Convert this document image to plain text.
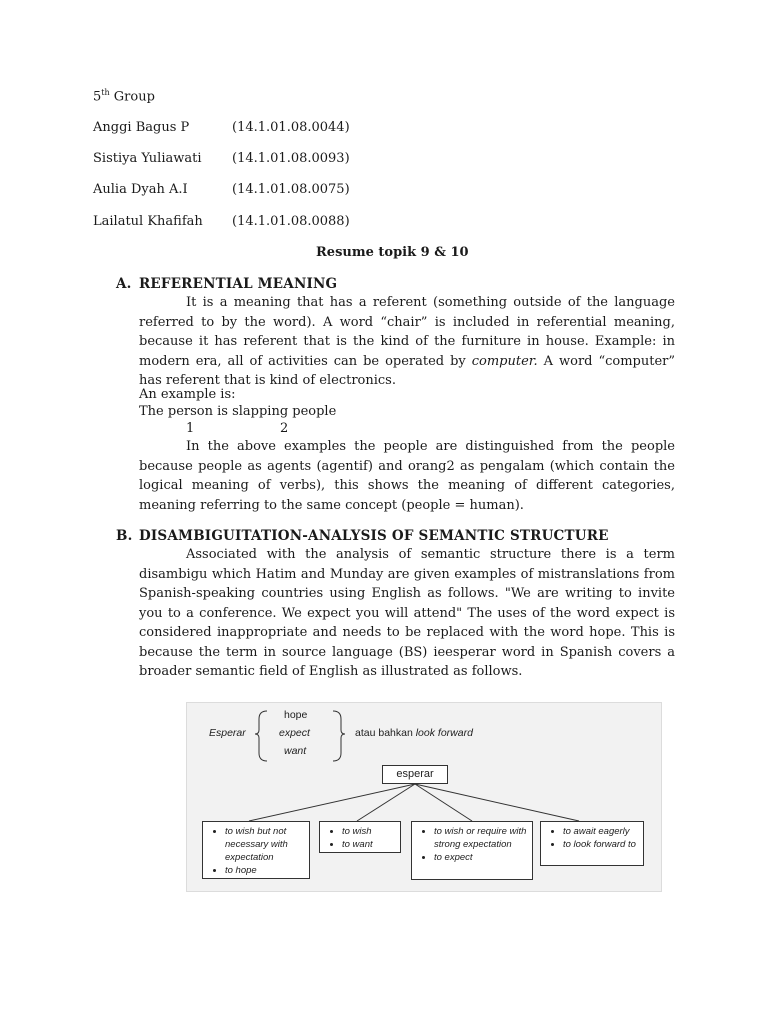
5th Group
Anggi Bagus P	(14.1.01.08.0044)
Sistiya Yuliawati (14.1.01.08.0093)
Aulia Dyah A.I	(14.1.01.08.0075)
Lailatul Khafifah (14.1.01.08.0088)
Resume topik 9 & 10
A. REFERENTIAL MEANING
It is a meaning that has a referent (something outside of the language referred to by the word). A word “chair” is included in referential meaning, because it has referent that is the kind of the furniture in house. Example: in modern era, all of activities can be operated by computer. A word “computer” has referent that is kind of electronics.
An example is:
The person is slapping people
1	2
In the above examples the people are distinguished from the people because people as agents (agentif) and orang2 as pengalam (which contain the logical meaning of verbs), this shows the meaning of different categories, meaning referring to the same concept (people = human).
B. DISAMBIGUITATION-ANALYSIS OF SEMANTIC STRUCTURE
Associated with the analysis of semantic structure there is a term disambigu which Hatim and Munday are given examples of mistranslations from Spanish-speaking countries using English as follows. "We are writing to invite you to a conference. We expect you will attend" The uses of the word expect is considered inappropriate and needs to be replaced with the word hope. This is because the term in source language (BS) ieesperar word in Spanish covers a broader semantic field of English as illustrated as follows.
Esperar
hope
expect
want
atau bahkan look forward
esperar
• to wish but not necessary with expectation
• to hope
• to wish
• to want
• to wish or require with strong expectation
• to expect
• to await eagerly
• to look forward to
